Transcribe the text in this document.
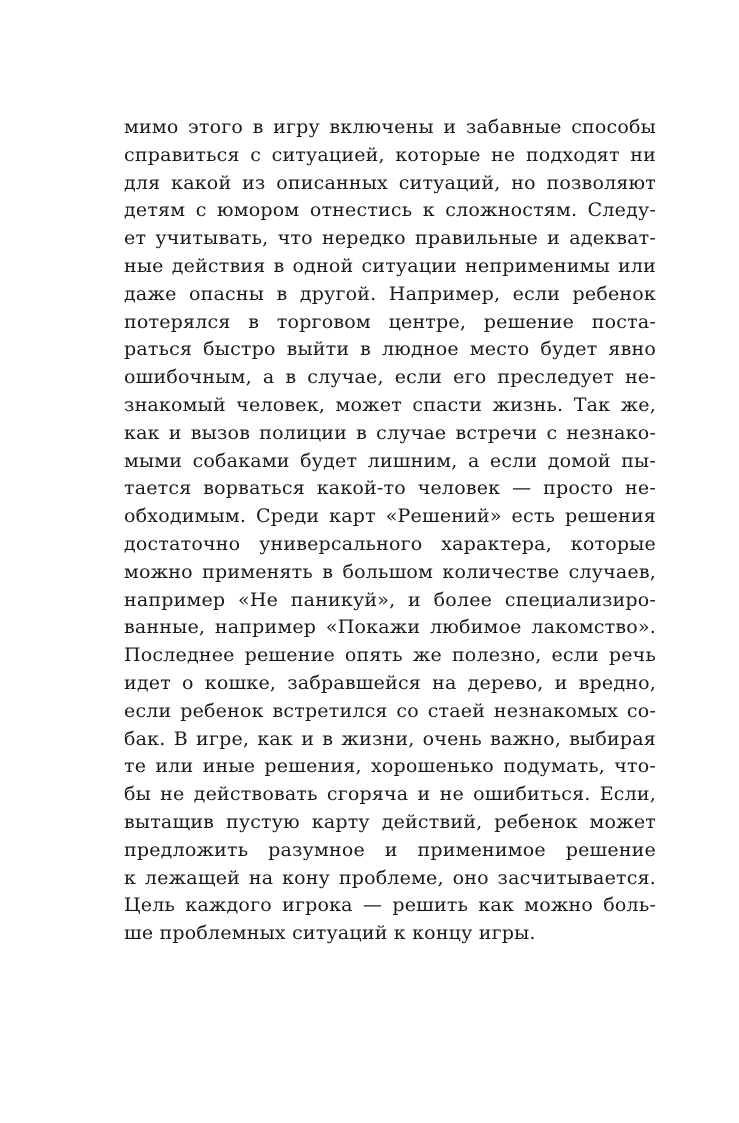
мимо этого в игру включены и забавные способы
справиться с ситуацией, которые не подходят ни
для какой из описанных ситуаций, но позволяют
детям с юмором отнестись к сложностям. Следу-
ет учитывать, что нередко правильные и адекват-
ные действия в одной ситуации неприменимы или
даже опасны в другой. Например, если ребенок
потерялся в торговом центре, решение поста-
раться быстро выйти в людное место будет явно
ошибочным, а в случае, если его преследует не-
знакомый человек, может спасти жизнь. Так же,
как и вызов полиции в случае встречи с незнако-
мыми собаками будет лишним, а если домой пы-
тается ворваться какой-то человек — просто не-
обходимым. Среди карт «Решений» есть решения
достаточно универсального характера, которые
можно применять в большом количестве случаев,
например «Не паникуй», и более специализиро-
ванные, например «Покажи любимое лакомство».
Последнее решение опять же полезно, если речь
идет о кошке, забравшейся на дерево, и вредно,
если ребенок встретился со стаей незнакомых со-
бак. В игре, как и в жизни, очень важно, выбирая
те или иные решения, хорошенько подумать, что-
бы не действовать сгоряча и не ошибиться. Если,
вытащив пустую карту действий, ребенок может
предложить разумное и применимое решение
к лежащей на кону проблеме, оно засчитывается.
Цель каждого игрока — решить как можно боль-
ше проблемных ситуаций к концу игры.
